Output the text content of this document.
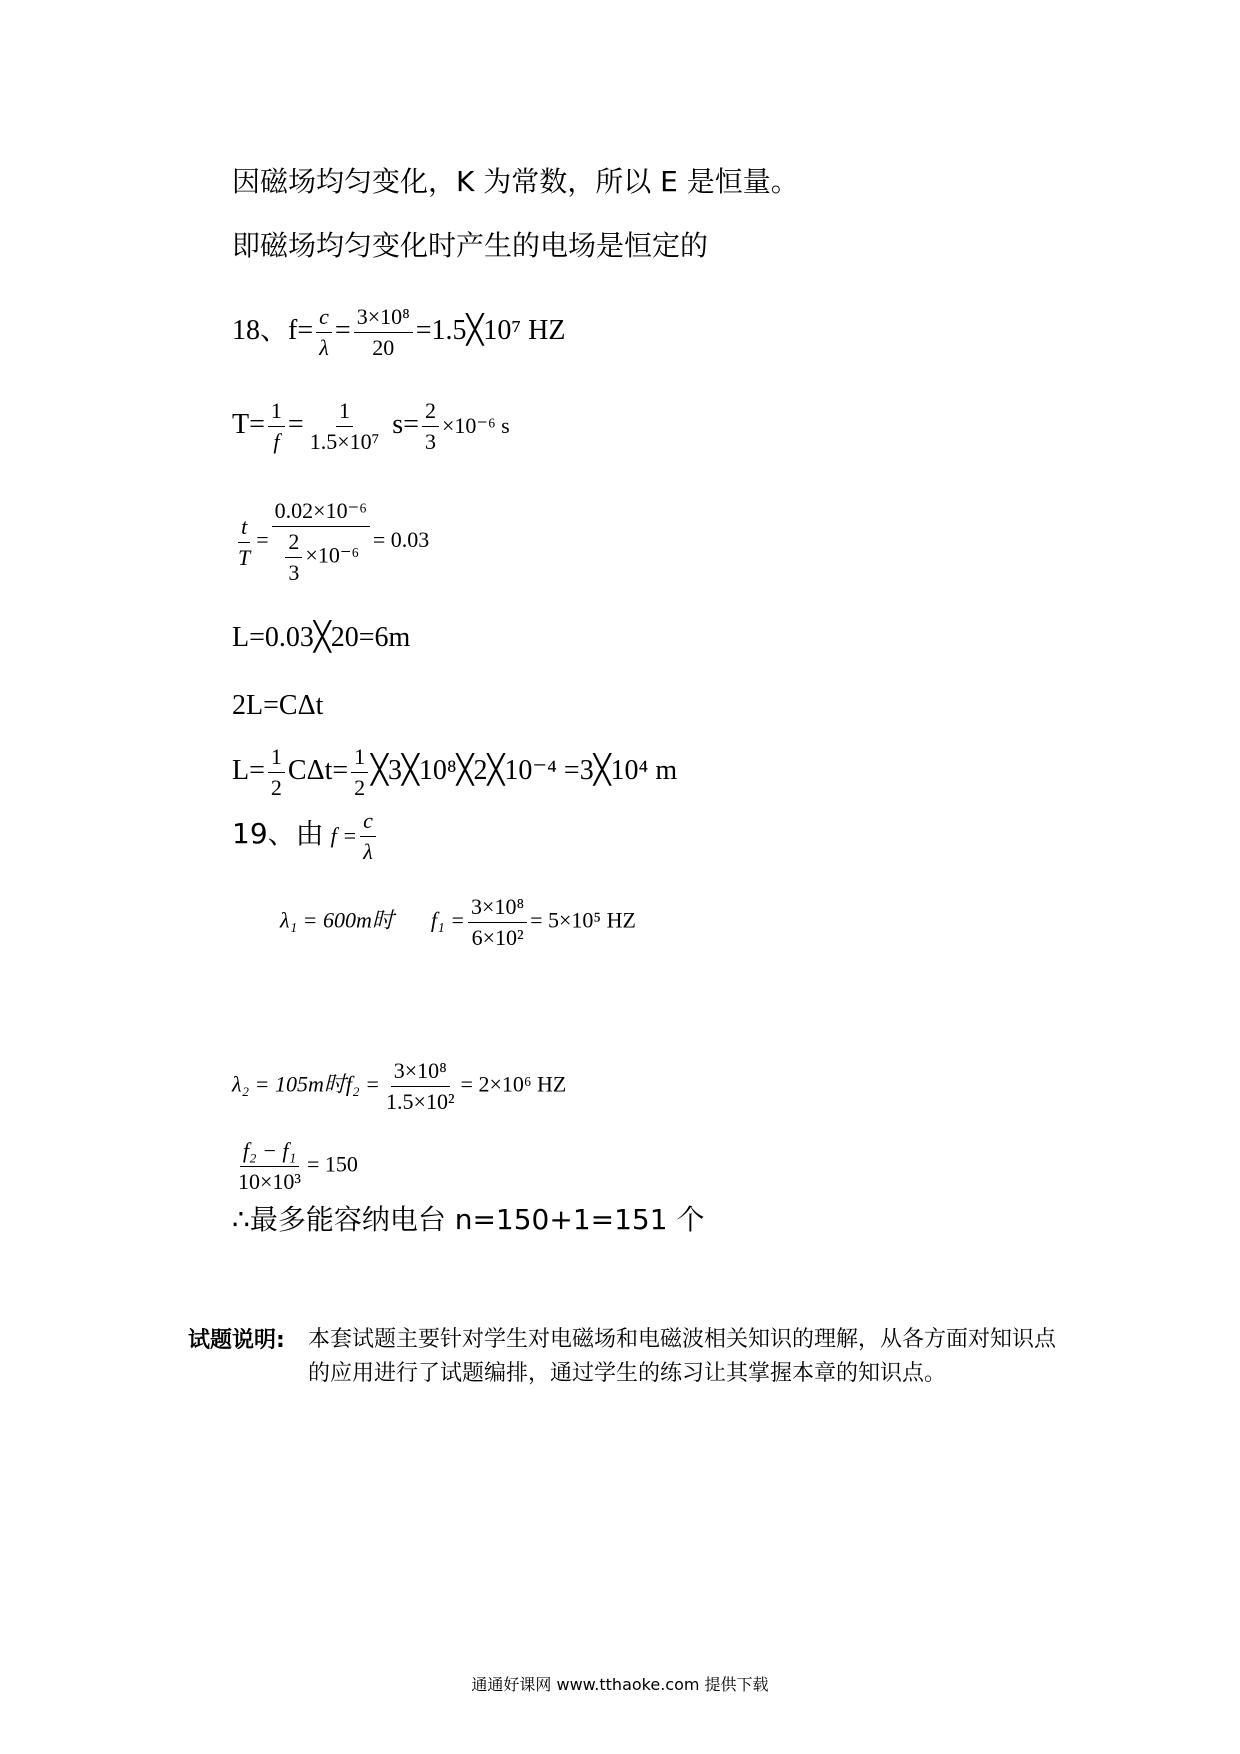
因磁场均匀变化，K 为常数，所以 E 是恒量。
即磁场均匀变化时产生的电场是恒定的
18、$f= \frac{c}{\lambda} = \frac{\text{3×10⁸}}{20}$ =1.5╳10⁷ HZ
$T= \frac{1}{f} = \frac{1}{\text{1.5×10⁷}} s= \frac{2}{3} \times 10^{-6}$ s
$\frac{t}{T} = \frac{\text{0.02×10⁻⁶}}{\frac{2}{3} \times 10^{-6}} = 0.03$
L=0.03╳20=6m
2L=CΔt
$L= \frac{1}{2} C\Delta t= \frac{1}{2}$ ╳3╳10⁸╳2╳10⁻⁴ =3╳10⁴ m
19、由 $f = \frac{c}{\lambda}$
λ₁ = 600m时 $f_1 = \frac{\text{3×10⁸}}{\text{6×10²}} = 5\times 10^5$ HZ
λ₂ = 105m时$f_2 = \frac{\text{3×10⁸}}{\text{1.5×10²}} = 2\times 10^6$ HZ
$\frac{\text{f₂ − f₁}}{\text{10×10³}} = 150$
∴最多能容纳电台 n=150+1=151 个
试题说明: 本套试题主要针对学生对电磁场和电磁波相关知识的理解，从各方面对知识点的应用进行了试题编排，通过学生的练习让其掌握本章的知识点。
通通好课网 www.tthaoke.com 提供下载
